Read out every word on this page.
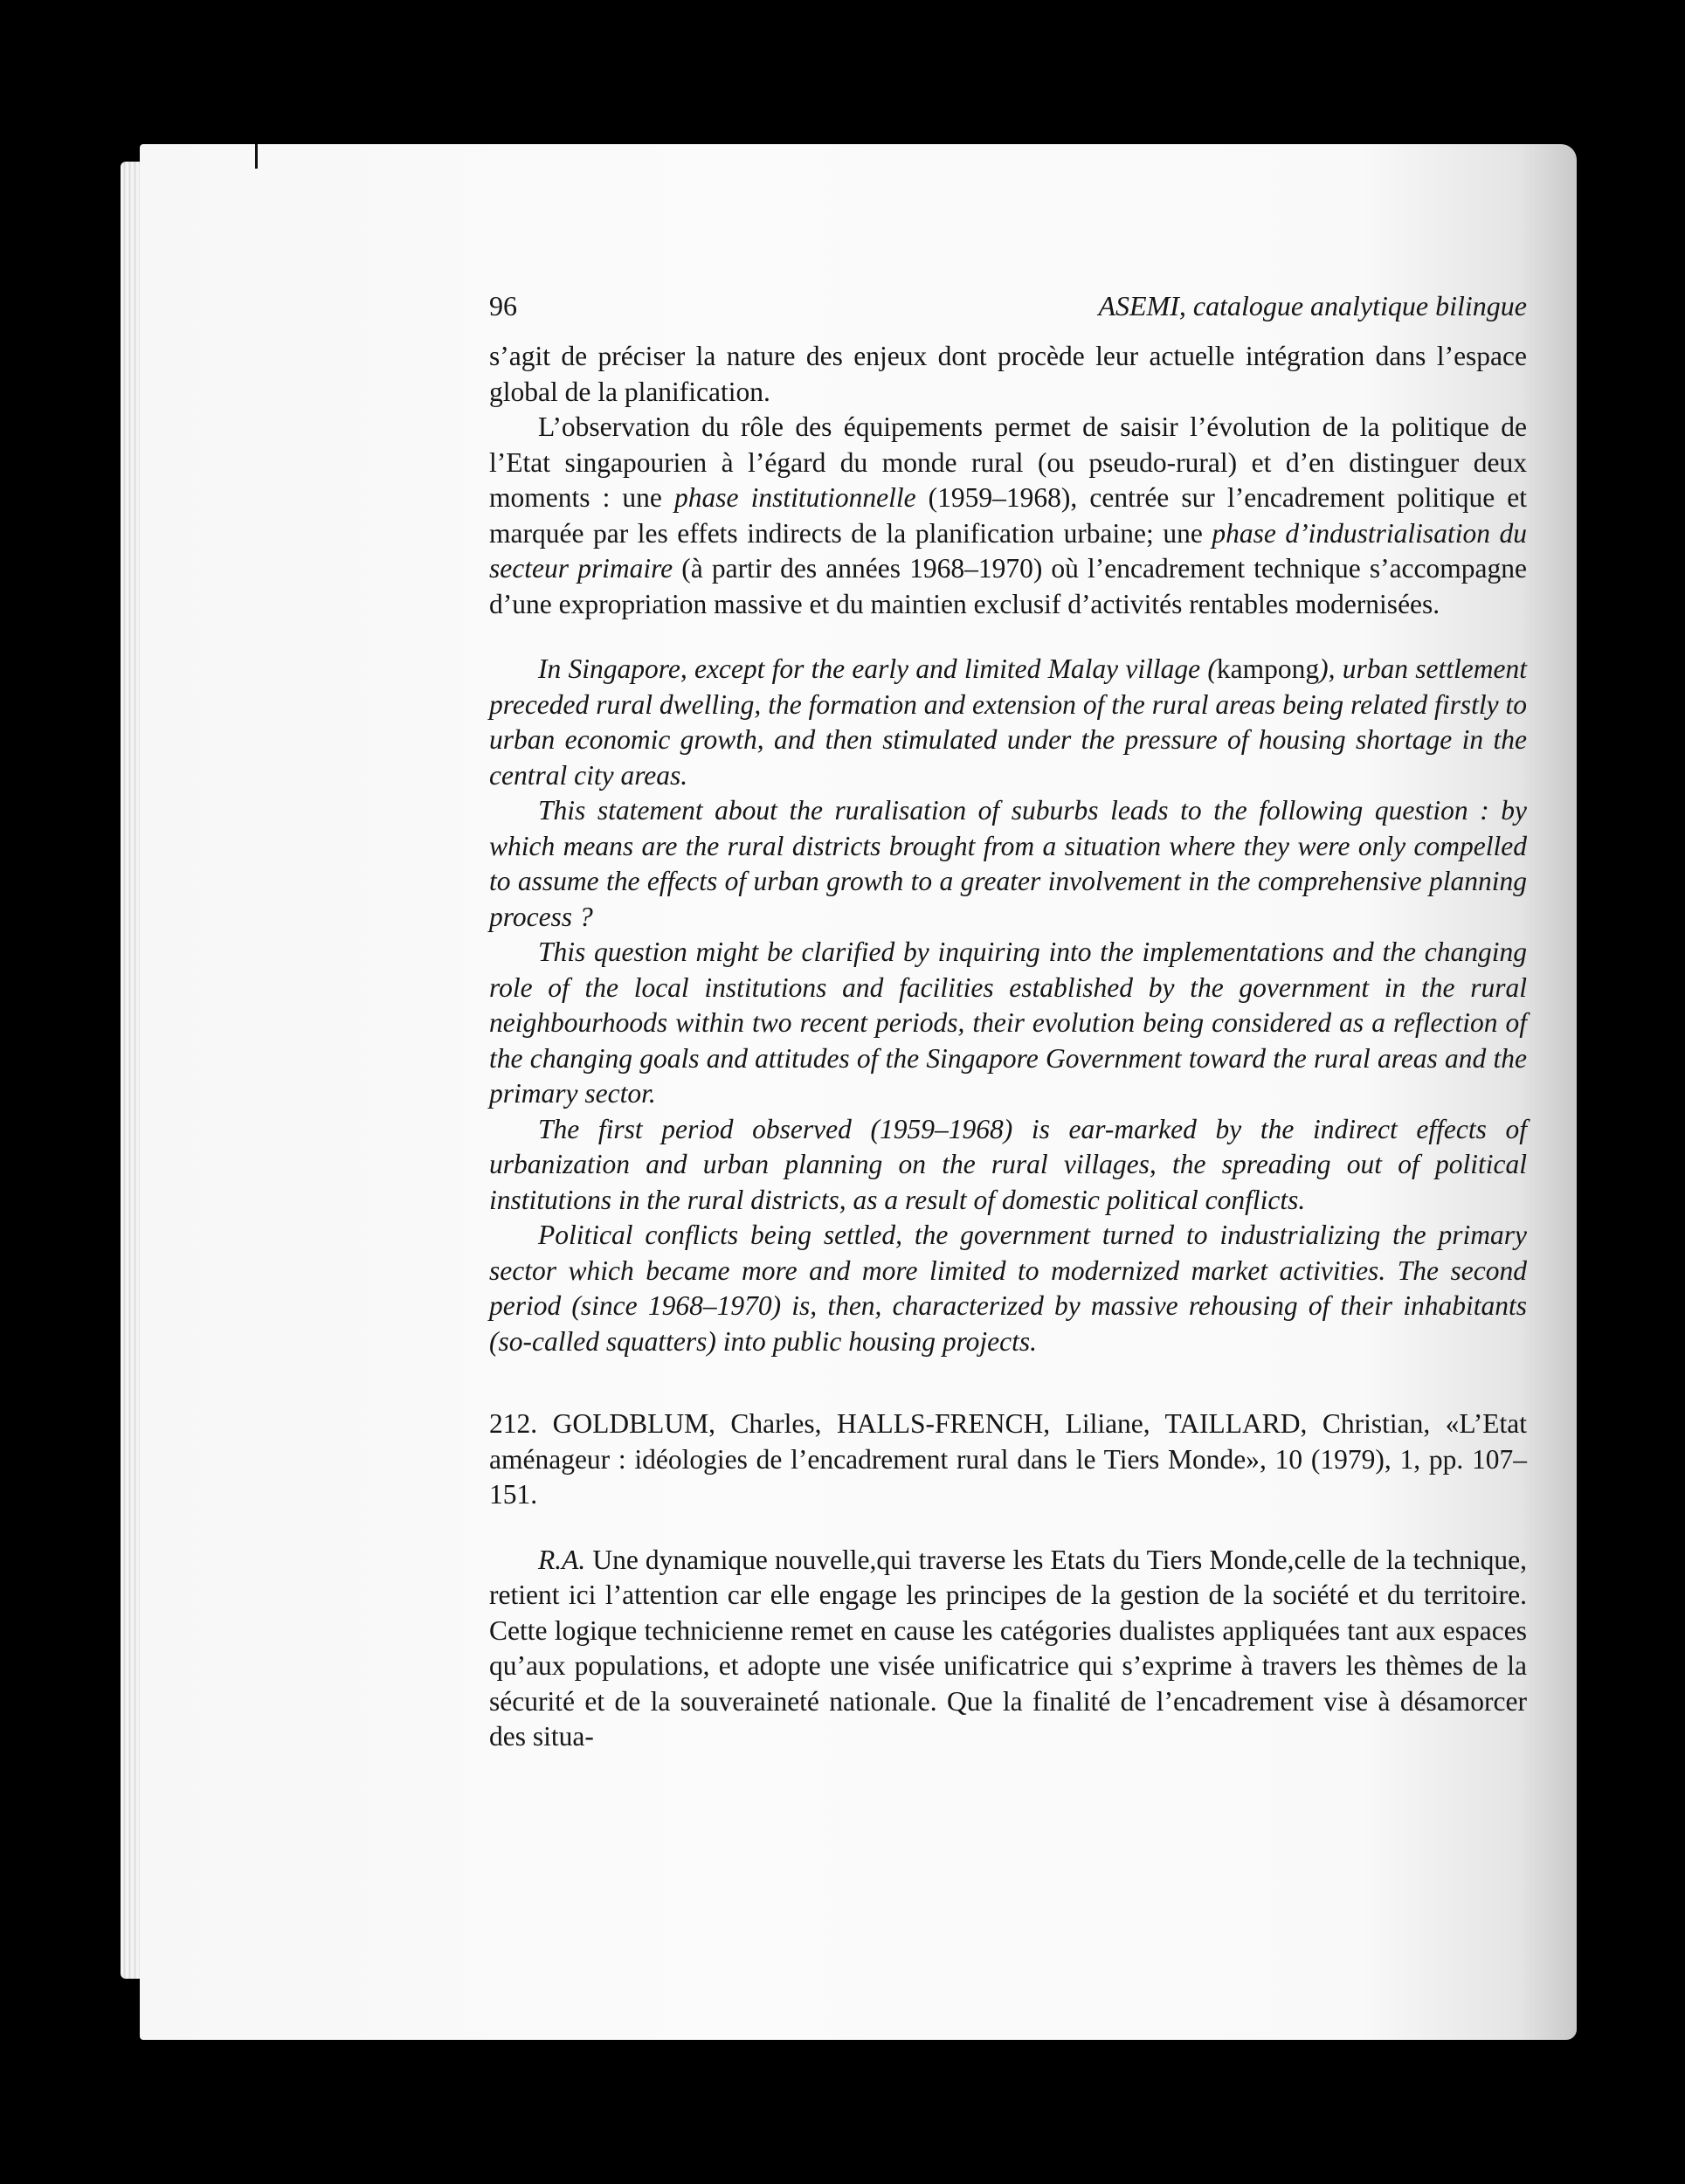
96	ASEMI, catalogue analytique bilingue

s’agit de préciser la nature des enjeux dont procède leur actuelle intégration dans l’espace global de la planification.

L’observation du rôle des équipements permet de saisir l’évolution de la politique de l’Etat singapourien à l’égard du monde rural (ou pseudo-rural) et d’en distinguer deux moments : une phase institutionnelle (1959–1968), centrée sur l’encadrement politique et marquée par les effets indirects de la planification urbaine; une phase d’industrialisation du secteur primaire (à partir des années 1968–1970) où l’encadrement technique s’accompagne d’une expropriation massive et du maintien exclusif d’activités rentables modernisées.

In Singapore, except for the early and limited Malay village (kampong), urban settlement preceded rural dwelling, the formation and extension of the rural areas being related firstly to urban economic growth, and then stimulated under the pressure of housing shortage in the central city areas.

This statement about the ruralisation of suburbs leads to the following question : by which means are the rural districts brought from a situation where they were only compelled to assume the effects of urban growth to a greater involvement in the comprehensive planning process ?

This question might be clarified by inquiring into the implementations and the changing role of the local institutions and facilities established by the government in the rural neighbourhoods within two recent periods, their evolution being considered as a reflection of the changing goals and attitudes of the Singapore Government toward the rural areas and the primary sector.

The first period observed (1959–1968) is ear-marked by the indirect effects of urbanization and urban planning on the rural villages, the spreading out of political institutions in the rural districts, as a result of domestic political conflicts.

Political conflicts being settled, the government turned to industrializing the primary sector which became more and more limited to modernized market activities. The second period (since 1968–1970) is, then, characterized by massive rehousing of their inhabitants (so-called squatters) into public housing projects.

212. GOLDBLUM, Charles, HALLS-FRENCH, Liliane, TAILLARD, Christian, «L’Etat aménageur : idéologies de l’encadrement rural dans le Tiers Monde», 10 (1979), 1, pp. 107–151.

R.A. Une dynamique nouvelle,qui traverse les Etats du Tiers Monde,celle de la technique, retient ici l’attention car elle engage les principes de la gestion de la société et du territoire. Cette logique technicienne remet en cause les catégories dualistes appliquées tant aux espaces qu’aux populations, et adopte une visée unificatrice qui s’exprime à travers les thèmes de la sécurité et de la souveraineté nationale. Que la finalité de l’encadrement vise à désamorcer des situa-
